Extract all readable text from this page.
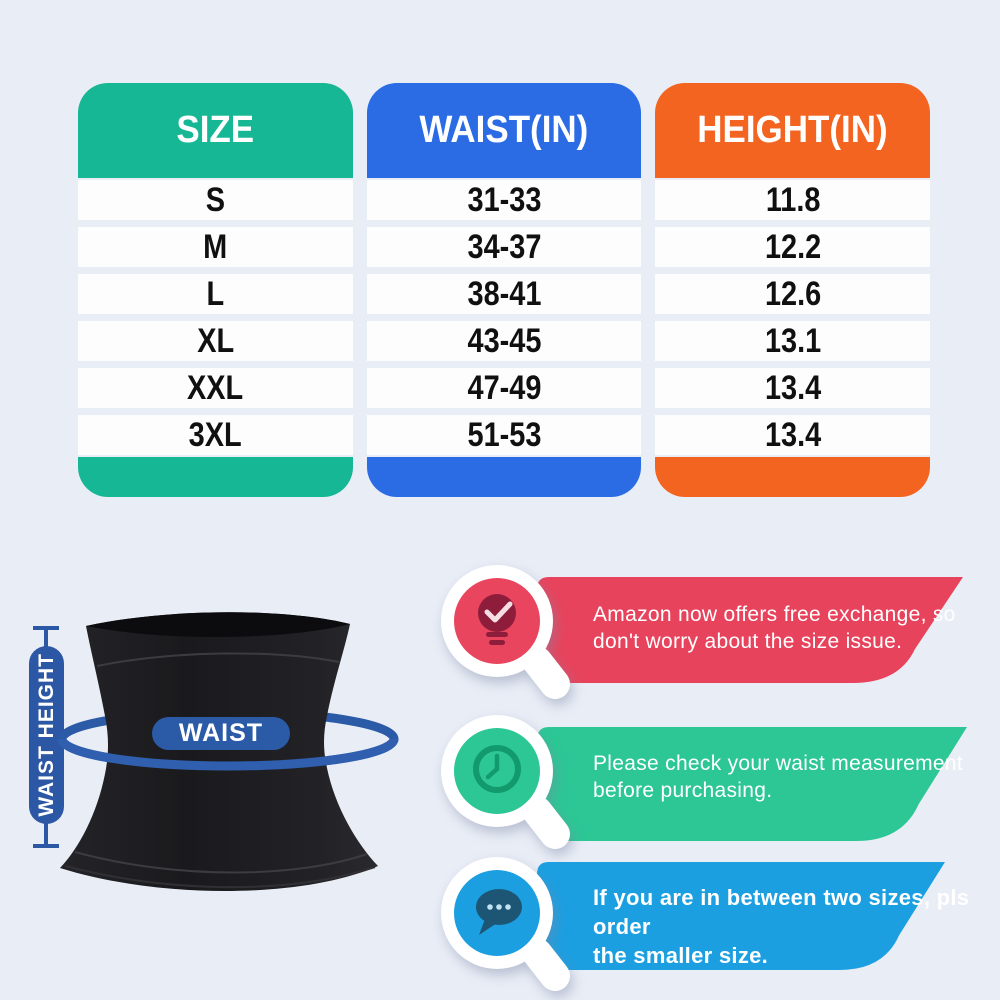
SIZE
S
M
L
XL
XXL
3XL
WAIST(IN)
31-33
34-37
38-41
43-45
47-49
51-53
HEIGHT(IN)
11.8
12.2
12.6
13.1
13.4
13.4
WAIST HEIGHT	WAIST
Amazon now offers free exchange, so
don't worry about the size issue.
Please check your waist measurement
before purchasing.
If you are in between two sizes, pls order
the smaller size.
